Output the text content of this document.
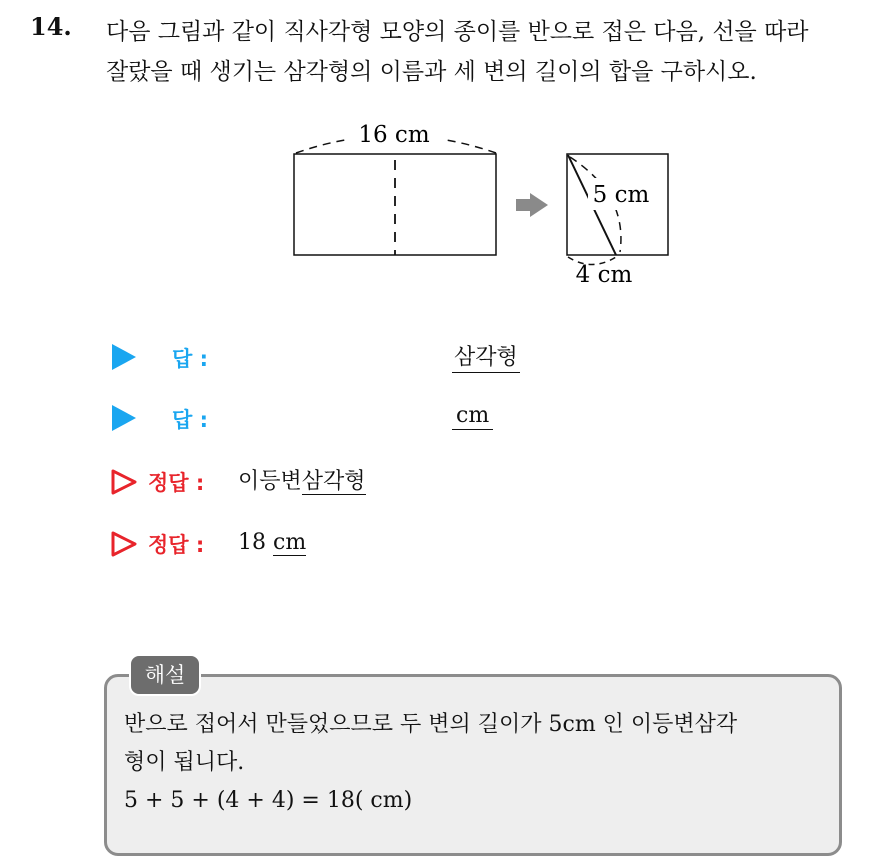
14. 다음 그림과 같이 직사각형 모양의 종이를 반으로 접은 다음, 선을 따라
잘랐을 때 생기는 삼각형의 이름과 세 변의 길이의 합을 구하시오.
16 cm
5 cm
4 cm
답 :	삼각형
답 :	cm
정답 : 이등변삼각형
정답 : 18 cm
해설
반으로 접어서 만들었으므로 두 변의 길이가 5cm 인 이등변삼각
형이 됩니다.
5 + 5 + (4 + 4) = 18( cm)
